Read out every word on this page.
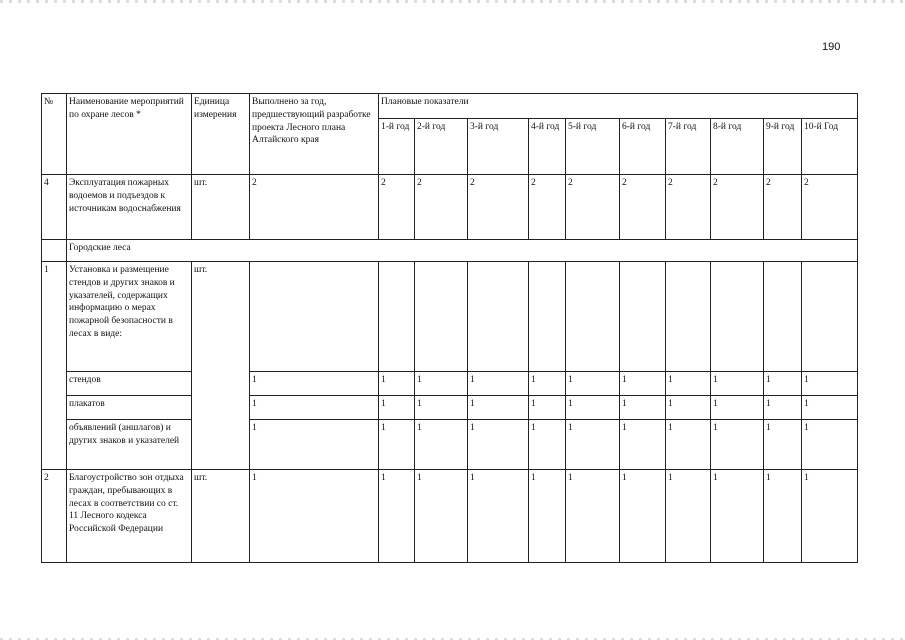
190
№	Наименование мероприятий по охране лесов *	Единица измерения	Выполнено за год, предшествующий разработке проекта Лесного плана Алтайского края	Плановые показатели									
				1-й год	2-й год	3-й год	4-й год	5-й год	6-й год	7-й год	8-й год	9-й год	10-й Год
4	Эксплуатация пожарных водоемов и подъездов к источникам водоснабжения	шт.	2	2	2	2	2	2	2	2	2	2	2
	Городские леса												
1	Установка и размещение стендов и других знаков и указателей, содержащих информацию о мерах пожарной безопасности в лесах в виде:	шт.											
	стендов		1	1	1	1	1	1	1	1	1	1	1
	плакатов		1	1	1	1	1	1	1	1	1	1	1
	объявлений (аншлагов) и других знаков и указателей		1	1	1	1	1	1	1	1	1	1	1
2	Благоустройство зон отдыха граждан, пребывающих в лесах в соответствии со ст. 11 Лесного кодекса Российской Федерации	шт.	1	1	1	1	1	1	1	1	1	1	1
